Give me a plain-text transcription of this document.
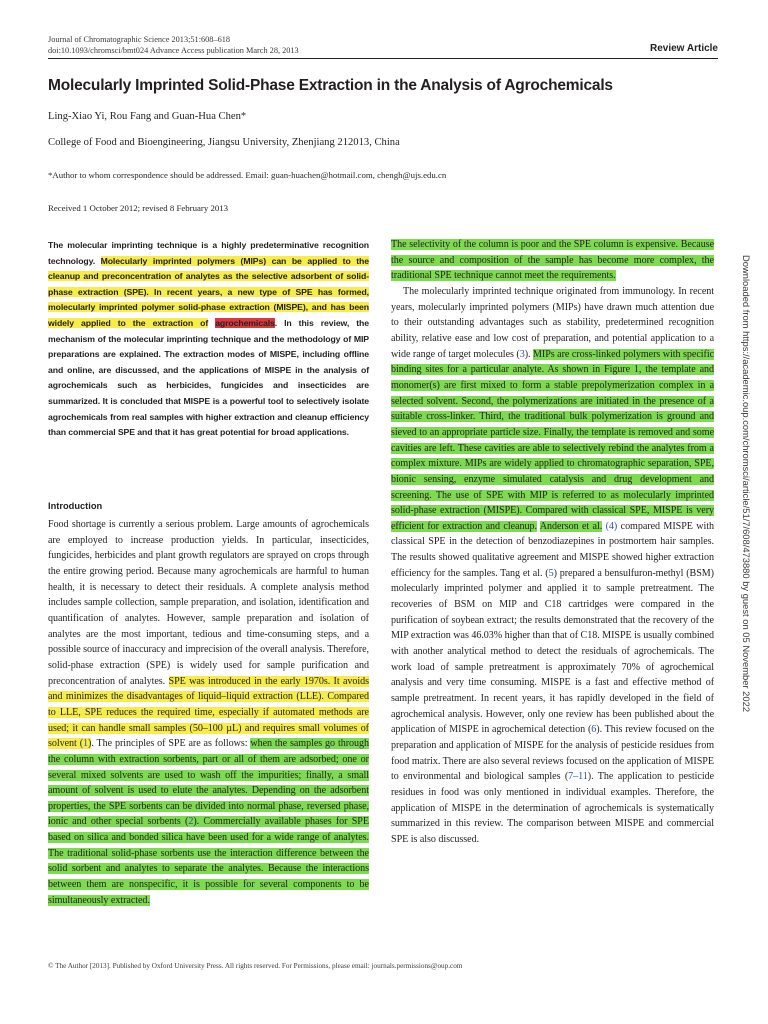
Journal of Chromatographic Science 2013;51:608–618
doi:10.1093/chromsci/bmt024 Advance Access publication March 28, 2013	Review Article
Molecularly Imprinted Solid-Phase Extraction in the Analysis of Agrochemicals
Ling-Xiao Yi, Rou Fang and Guan-Hua Chen*
College of Food and Bioengineering, Jiangsu University, Zhenjiang 212013, China
*Author to whom correspondence should be addressed. Email: guan-huachen@hotmail.com, chengh@ujs.edu.cn
Received 1 October 2012; revised 8 February 2013
The molecular imprinting technique is a highly predeterminative recognition technology. Molecularly imprinted polymers (MIPs) can be applied to the cleanup and preconcentration of analytes as the selective adsorbent of solid-phase extraction (SPE). In recent years, a new type of SPE has formed, molecularly imprinted polymer solid-phase extraction (MISPE), and has been widely applied to the extraction of agrochemicals. In this review, the mechanism of the molecular imprinting technique and the methodology of MIP preparations are explained. The extraction modes of MISPE, including offline and online, are discussed, and the applications of MISPE in the analysis of agrochemicals such as herbicides, fungicides and insecticides are summarized. It is concluded that MISPE is a powerful tool to selectively isolate agrochemicals from real samples with higher extraction and cleanup efficiency than commercial SPE and that it has great potential for broad applications.
Introduction
Food shortage is currently a serious problem. Large amounts of agrochemicals are employed to increase production yields. In particular, insecticides, fungicides, herbicides and plant growth regulators are sprayed on crops through the entire growing period. Because many agrochemicals are harmful to human health, it is necessary to detect their residuals. A complete analysis method includes sample collection, sample preparation, and isolation, identification and quantification of analytes. However, sample preparation and isolation of analytes are the most important, tedious and time-consuming steps, and a possible source of inaccuracy and imprecision of the overall analysis. Therefore, solid-phase extraction (SPE) is widely used for sample purification and preconcentration of analytes. SPE was introduced in the early 1970s. It avoids and minimizes the disadvantages of liquid–liquid extraction (LLE). Compared to LLE, SPE reduces the required time, especially if automated methods are used; it can handle small samples (50–100 µL) and requires small volumes of solvent (1). The principles of SPE are as follows: when the samples go through the column with extraction sorbents, part or all of them are adsorbed; one or several mixed solvents are used to wash off the impurities; finally, a small amount of solvent is used to elute the analytes. Depending on the adsorbent properties, the SPE sorbents can be divided into normal phase, reversed phase, ionic and other special sorbents (2). Commercially available phases for SPE based on silica and bonded silica have been used for a wide range of analytes. The traditional solid-phase sorbents use the interaction difference between the solid sorbent and analytes to separate the analytes. Because the interactions between them are nonspecific, it is possible for several components to be simultaneously extracted.
The selectivity of the column is poor and the SPE column is expensive. Because the source and composition of the sample has become more complex, the traditional SPE technique cannot meet the requirements.
The molecularly imprinted technique originated from immunology. In recent years, molecularly imprinted polymers (MIPs) have drawn much attention due to their outstanding advantages such as stability, predetermined recognition ability, relative ease and low cost of preparation, and potential application to a wide range of target molecules (3). MIPs are cross-linked polymers with specific binding sites for a particular analyte. As shown in Figure 1, the template and monomer(s) are first mixed to form a stable prepolymerization complex in a selected solvent. Second, the polymerizations are initiated in the presence of a suitable cross-linker. Third, the traditional bulk polymerization is ground and sieved to an appropriate particle size. Finally, the template is removed and some cavities are left. These cavities are able to selectively rebind the analytes from a complex mixture. MIPs are widely applied to chromatographic separation, SPE, bionic sensing, enzyme simulated catalysis and drug development and screening. The use of SPE with MIP is referred to as molecularly imprinted solid-phase extraction (MISPE). Compared with classical SPE, MISPE is very efficient for extraction and cleanup. Anderson et al. (4) compared MISPE with classical SPE in the detection of benzodiazepines in postmortem hair samples. The results showed qualitative agreement and MISPE showed higher extraction efficiency for the samples. Tang et al. (5) prepared a bensulfuron-methyl (BSM) molecularly imprinted polymer and applied it to sample pretreatment. The recoveries of BSM on MIP and C18 cartridges were compared in the purification of soybean extract; the results demonstrated that the recovery of the MIP extraction was 46.03% higher than that of C18. MISPE is usually combined with another analytical method to detect the residuals of agrochemicals. The work load of sample pretreatment is approximately 70% of agrochemical analysis and very time consuming. MISPE is a fast and effective method of sample pretreatment. In recent years, it has rapidly developed in the field of agrochemical analysis. However, only one review has been published about the application of MISPE in agrochemical detection (6). This review focused on the preparation and application of MISPE for the analysis of pesticide residues from food matrix. There are also several reviews focused on the application of MISPE to environmental and biological samples (7–11). The application to pesticide residues in food was only mentioned in individual examples. Therefore, the application of MISPE in the determination of agrochemicals is systematically summarized in this review. The comparison between MISPE and commercial SPE is also discussed.
Downloaded from https://academic.oup.com/chromsci/article/51/7/608/473880 by guest on 05 November 2022
© The Author [2013]. Published by Oxford University Press. All rights reserved. For Permissions, please email: journals.permissions@oup.com
